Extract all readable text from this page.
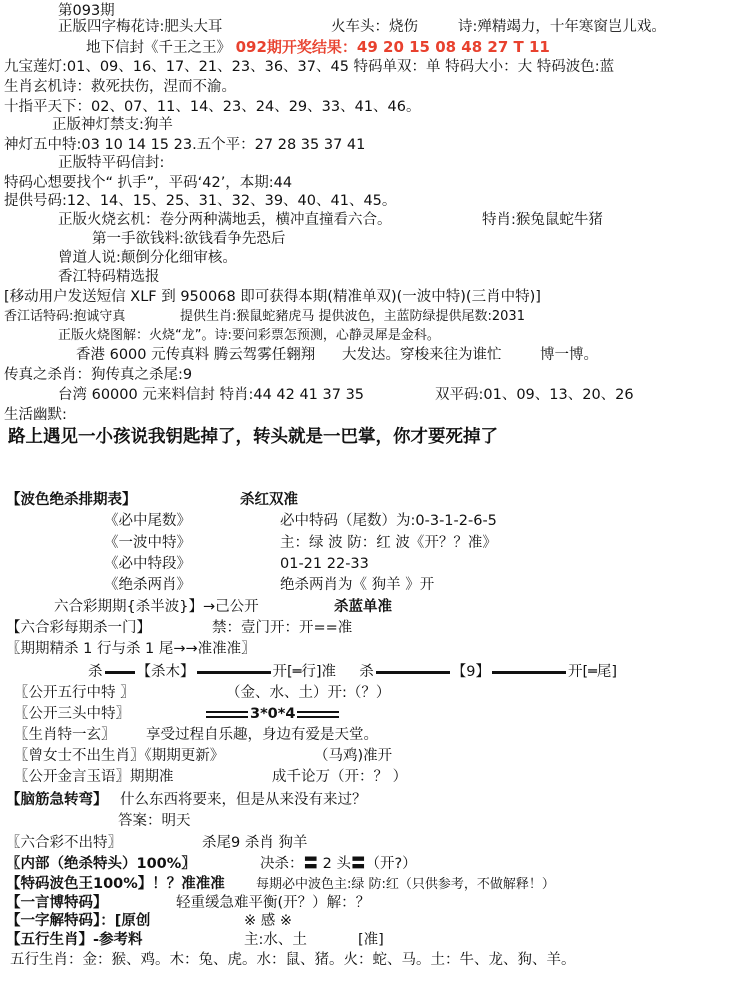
第093期
正版四字梅花诗:肥头大耳	火车头：烧伤	诗:殚精竭力，十年寒窗岂儿戏。
地下信封《千王之王》 092期开奖结果：49 20 15 08 48 27 T 11
九宝莲灯:01、09、16、17、21、23、36、37、45 特码单双：单 特码大小：大 特码波色:蓝
生肖玄机诗：救死扶伤，涅而不渝。
十指平天下：02、07、11、14、23、24、29、33、41、46。
正版神灯禁支:狗羊
神灯五中特:03 10 14 15 23.五个平：27 28 35 37 41
正版特平码信封:
特码心想要找个“ 扒手”，平码‘42’，本期:44
提供号码:12、14、15、25、31、32、39、40、41、45。
正版火烧玄机：卷分两种满地丢，横冲直撞看六合。	特肖:猴兔鼠蛇牛猪
第一手欲钱料:欲钱看争先恐后
曾道人说:颠倒分化细审核。
香江特码精选报
[移动用户发送短信 XLF 到 950068 即可获得本期(精准单双)(一波中特)(三肖中特)]
香江话特码:抱诚守真	提供生肖:猴鼠蛇豬虎马 提供波色，主蓝防绿提供尾数:2031
正版火烧图解：火烧“龙”。诗:要问彩票怎预测，心静灵犀是金科。
香港 6000 元传真料 腾云驾雾任翱翔 大发达。穿梭来往为谁忙	博一博。
传真之杀肖：狗传真之杀尾:9
台湾 60000 元来料信封 特肖:44 42 41 37 35	双平码:01、09、13、20、26
生活幽默:
路上遇见一小孩说我钥匙掉了，转头就是一巴掌，你才要死掉了
【波色绝杀排期表】	杀红双准
《必中尾数》	必中特码（尾数）为:0-3-1-2-6-5
《一波中特》	主：绿 波 防：红 波《开？？准》
《必中特段》	01-21 22-33
《绝杀两肖》	绝杀两肖为《 狗羊 》开
六合彩期期{杀半波}】→己公开	杀蓝单准
【六合彩每期杀一门】	禁：壹门开：开==准
〖期期精杀 1 行与杀 1 尾→→准准准〗
杀 【杀木】	开[═行]准 杀	【9】	开[═尾]
〖公开五行中特 〗	（金、水、土）开:（？）
〖公开三头中特〗	3*0*4
〖生肖特一玄〗 享受过程自乐趣，身边有爱是天堂。
〖曾女士不出生肖〗《期期更新》	（马鸡)准开
〖公开金言玉语〗期期准	成千论万（开：？ ）
【脑筋急转弯】 什么东西将要来，但是从来没有来过？
答案：明天
〖六合彩不出特〗	杀尾9 杀肖 狗羊
〖内部（绝杀特头）100%〗	决杀：〓 2 头〓（开?）
【特码波色王100%】！？准准准 每期必中波色主:绿 防:红（只供参考，不做解释！）
【一言博特码】	轻重缓急难平衡(开？）解：？
【一字解特码】：[原创	※ 感 ※
【五行生肖】-参考料	主:水、土	[准]
五行生肖：金：猴、鸡。木：兔、虎。水：鼠、猪。火：蛇、马。土：牛、龙、狗、羊。
